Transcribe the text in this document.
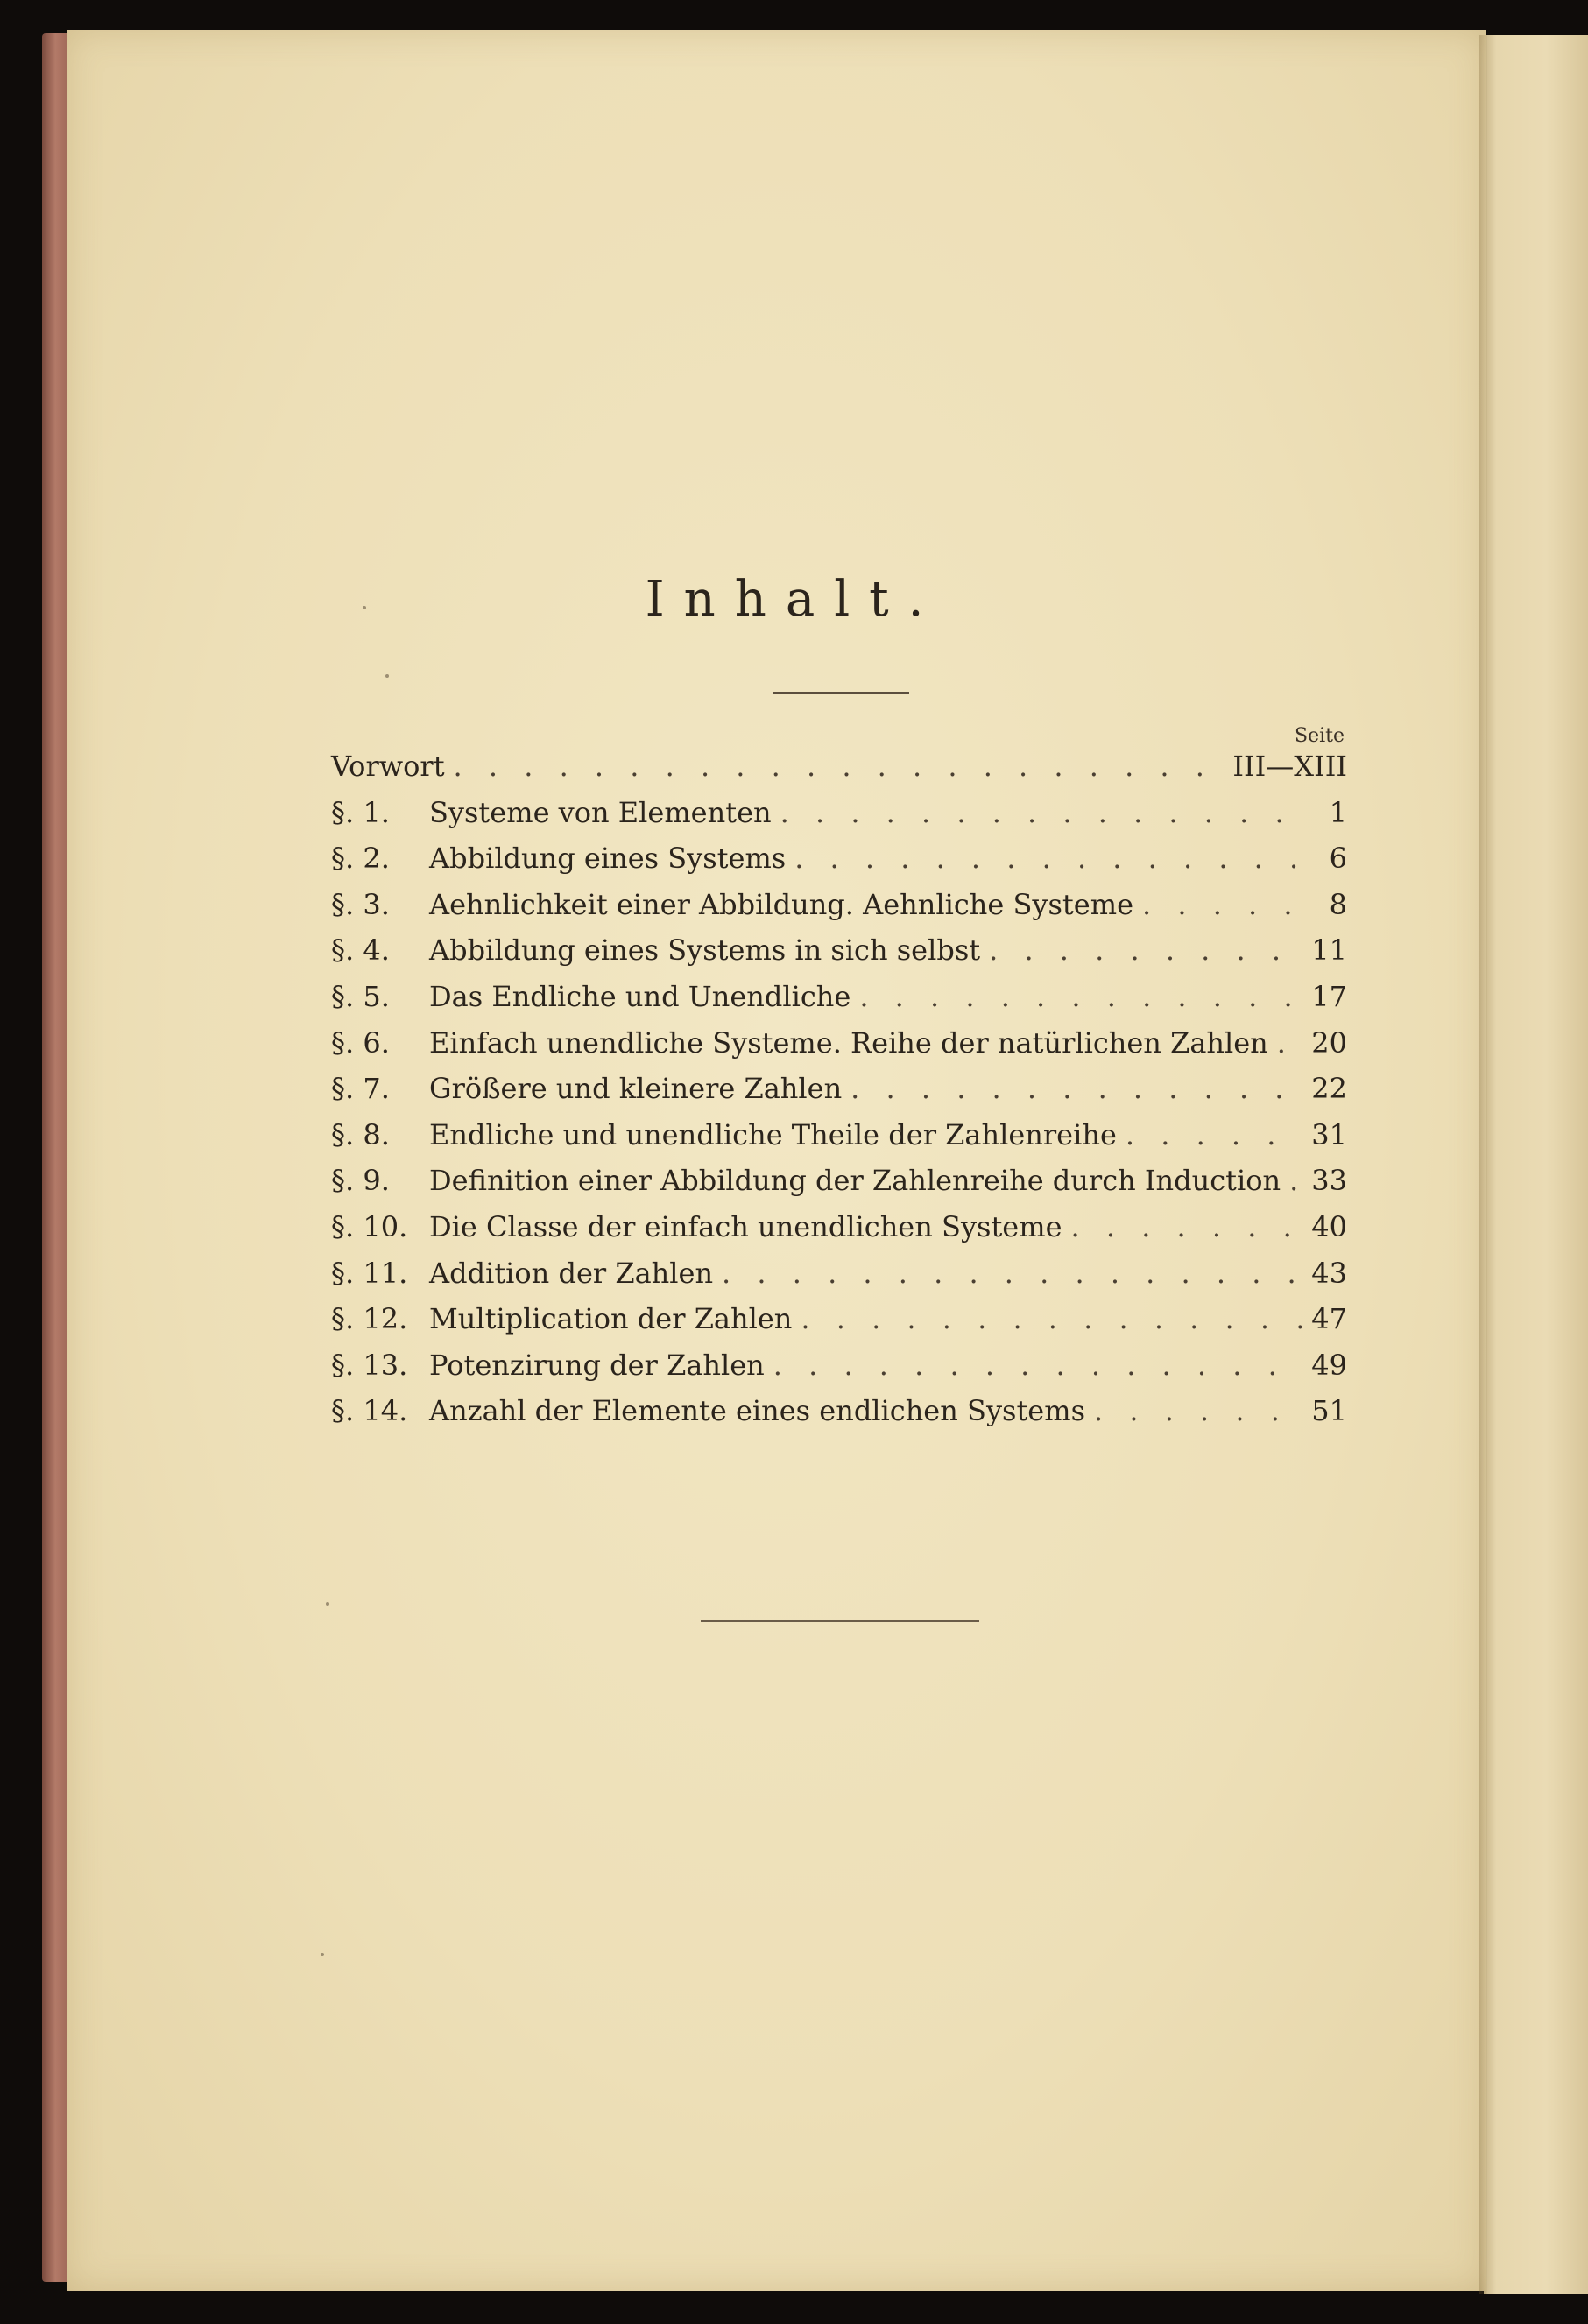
Inhalt.
Seite
Vorwort . . .	III—XIII
§. 1.	Systeme von Elementen . . .	1
§. 2.	Abbildung eines Systems . . .	6
§. 3.	Aehnlichkeit einer Abbildung. Aehnliche Systeme . . .	8
§. 4.	Abbildung eines Systems in sich selbst . . .	11
§. 5.	Das Endliche und Unendliche . . .	17
§. 6.	Einfach unendliche Systeme. Reihe der natürlichen Zahlen . . . 20
§. 7.	Größere und kleinere Zahlen . . .	22
§. 8.	Endliche und unendliche Theile der Zahlenreihe . . .	31
§. 9.	Definition einer Abbildung der Zahlenreihe durch Induction . . . 33
§. 10. Die Classe der einfach unendlichen Systeme . . .	40
§. 11. Addition der Zahlen . . .	43
§. 12. Multiplication der Zahlen . . .	47
§. 13. Potenzirung der Zahlen . . .	49
§. 14. Anzahl der Elemente eines endlichen Systems . . .	51
